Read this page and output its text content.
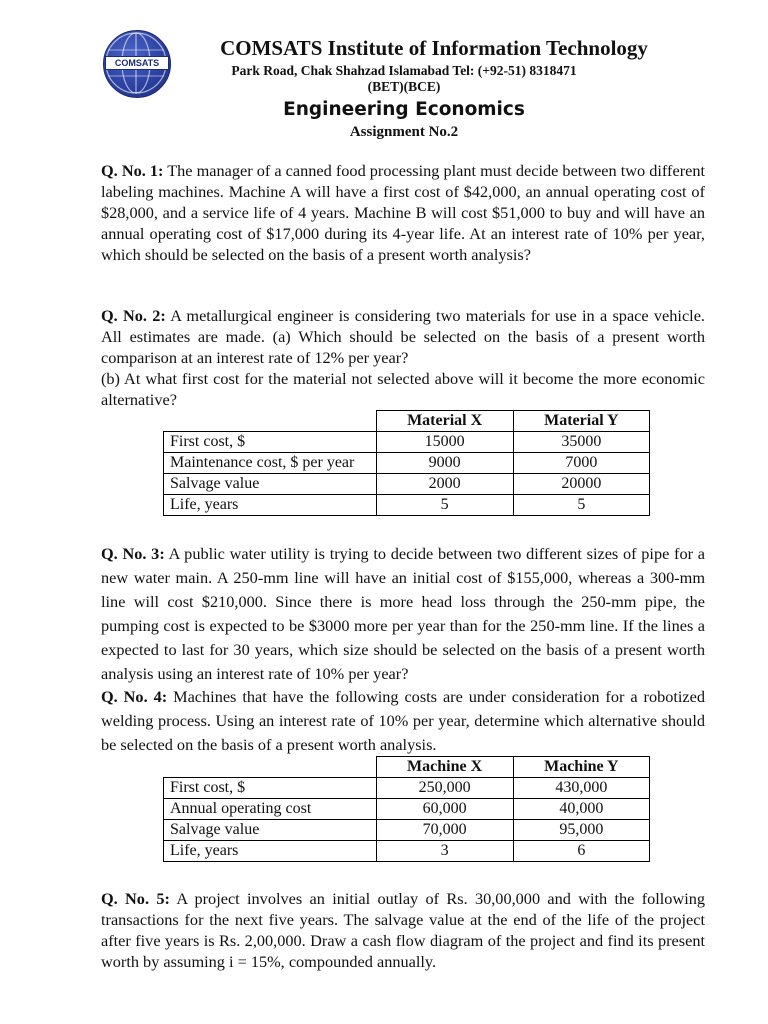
COMSATS
COMSATS Institute of Information Technology
Park Road, Chak Shahzad Islamabad Tel: (+92-51) 8318471
(BET)(BCE)
Engineering Economics
Assignment No.2
Q. No. 1: The manager of a canned food processing plant must decide between two different labeling machines. Machine A will have a first cost of $42,000, an annual operating cost of $28,000, and a service life of 4 years. Machine B will cost $51,000 to buy and will have an annual operating cost of $17,000 during its 4-year life. At an interest rate of 10% per year, which should be selected on the basis of a present worth analysis?
Q. No. 2: A metallurgical engineer is considering two materials for use in a space vehicle. All estimates are made. (a) Which should be selected on the basis of a present worth comparison at an interest rate of 12% per year?
(b) At what first cost for the material not selected above will it become the more economic alternative?
	Material X	Material Y
First cost, $	15000	35000
Maintenance cost, $ per year	9000	7000
Salvage value	2000	20000
Life, years	5	5
Q. No. 3: A public water utility is trying to decide between two different sizes of pipe for a new water main. A 250-mm line will have an initial cost of $155,000, whereas a 300-mm line will cost $210,000. Since there is more head loss through the 250-mm pipe, the pumping cost is expected to be $3000 more per year than for the 250-mm line. If the lines a expected to last for 30 years, which size should be selected on the basis of a present worth analysis using an interest rate of 10% per year?
Q. No. 4: Machines that have the following costs are under consideration for a robotized welding process. Using an interest rate of 10% per year, determine which alternative should be selected on the basis of a present worth analysis.
	Machine X	Machine Y
First cost, $	250,000	430,000
Annual operating cost	60,000	40,000
Salvage value	70,000	95,000
Life, years	3	6
Q. No. 5: A project involves an initial outlay of Rs. 30,00,000 and with the following transactions for the next five years. The salvage value at the end of the life of the project after five years is Rs. 2,00,000. Draw a cash flow diagram of the project and find its present worth by assuming i = 15%, compounded annually.
